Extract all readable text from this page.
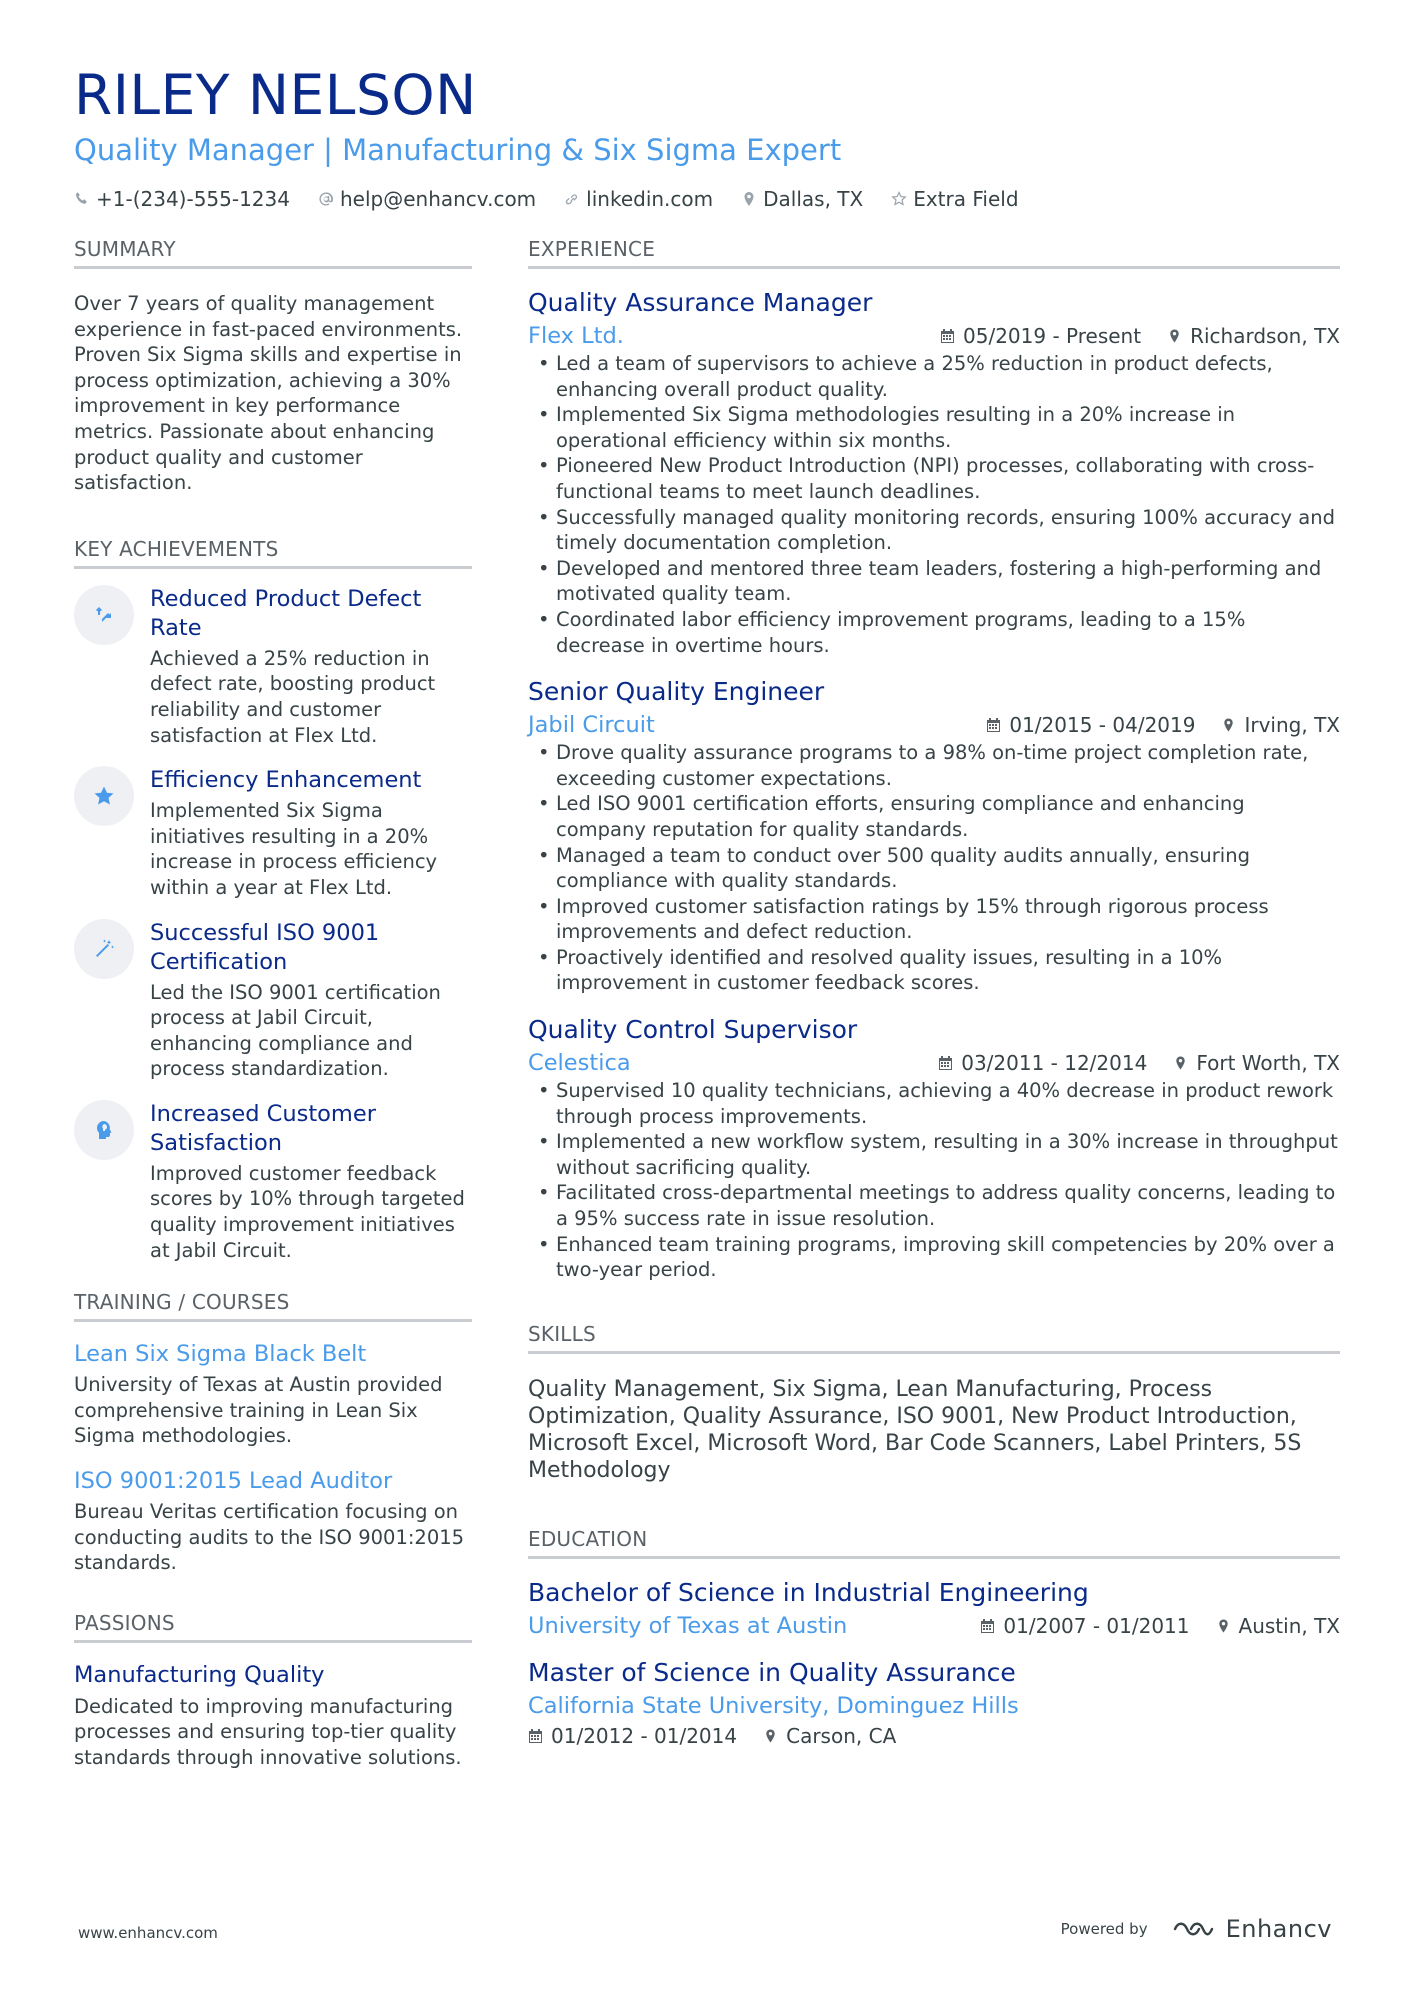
RILEY NELSON
Quality Manager | Manufacturing & Six Sigma Expert
+1-(234)-555-1234	help@enhancv.com	linkedin.com	Dallas, TX	Extra Field
SUMMARY
Over 7 years of quality management experience in fast-paced environments. Proven Six Sigma skills and expertise in process optimization, achieving a 30% improvement in key performance metrics. Passionate about enhancing product quality and customer satisfaction.
KEY ACHIEVEMENTS
Reduced Product Defect Rate
Achieved a 25% reduction in defect rate, boosting product reliability and customer satisfaction at Flex Ltd.
Efficiency Enhancement
Implemented Six Sigma initiatives resulting in a 20% increase in process efficiency within a year at Flex Ltd.
Successful ISO 9001 Certification
Led the ISO 9001 certification process at Jabil Circuit, enhancing compliance and process standardization.
Increased Customer Satisfaction
Improved customer feedback scores by 10% through targeted quality improvement initiatives at Jabil Circuit.
TRAINING / COURSES
Lean Six Sigma Black Belt
University of Texas at Austin provided comprehensive training in Lean Six Sigma methodologies.
ISO 9001:2015 Lead Auditor
Bureau Veritas certification focusing on conducting audits to the ISO 9001:2015 standards.
PASSIONS
Manufacturing Quality
Dedicated to improving manufacturing processes and ensuring top-tier quality standards through innovative solutions.
EXPERIENCE
Quality Assurance Manager
Flex Ltd.	05/2019 - Present Richardson, TX
• Led a team of supervisors to achieve a 25% reduction in product defects, enhancing overall product quality.
• Implemented Six Sigma methodologies resulting in a 20% increase in operational efficiency within six months.
• Pioneered New Product Introduction (NPI) processes, collaborating with cross-functional teams to meet launch deadlines.
• Successfully managed quality monitoring records, ensuring 100% accuracy and timely documentation completion.
• Developed and mentored three team leaders, fostering a high-performing and motivated quality team.
• Coordinated labor efficiency improvement programs, leading to a 15% decrease in overtime hours.
Senior Quality Engineer
Jabil Circuit	01/2015 - 04/2019 Irving, TX
• Drove quality assurance programs to a 98% on-time project completion rate, exceeding customer expectations.
• Led ISO 9001 certification efforts, ensuring compliance and enhancing company reputation for quality standards.
• Managed a team to conduct over 500 quality audits annually, ensuring compliance with quality standards.
• Improved customer satisfaction ratings by 15% through rigorous process improvements and defect reduction.
• Proactively identified and resolved quality issues, resulting in a 10% improvement in customer feedback scores.
Quality Control Supervisor
Celestica	03/2011 - 12/2014 Fort Worth, TX
• Supervised 10 quality technicians, achieving a 40% decrease in product rework through process improvements.
• Implemented a new workflow system, resulting in a 30% increase in throughput without sacrificing quality.
• Facilitated cross-departmental meetings to address quality concerns, leading to a 95% success rate in issue resolution.
• Enhanced team training programs, improving skill competencies by 20% over a two-year period.
SKILLS
Quality Management, Six Sigma, Lean Manufacturing, Process Optimization, Quality Assurance, ISO 9001, New Product Introduction, Microsoft Excel, Microsoft Word, Bar Code Scanners, Label Printers, 5S Methodology
EDUCATION
Bachelor of Science in Industrial Engineering
University of Texas at Austin	01/2007 - 01/2011 Austin, TX
Master of Science in Quality Assurance
California State University, Dominguez Hills
01/2012 - 01/2014 Carson, CA
www.enhancv.com	Powered by	Enhancv
